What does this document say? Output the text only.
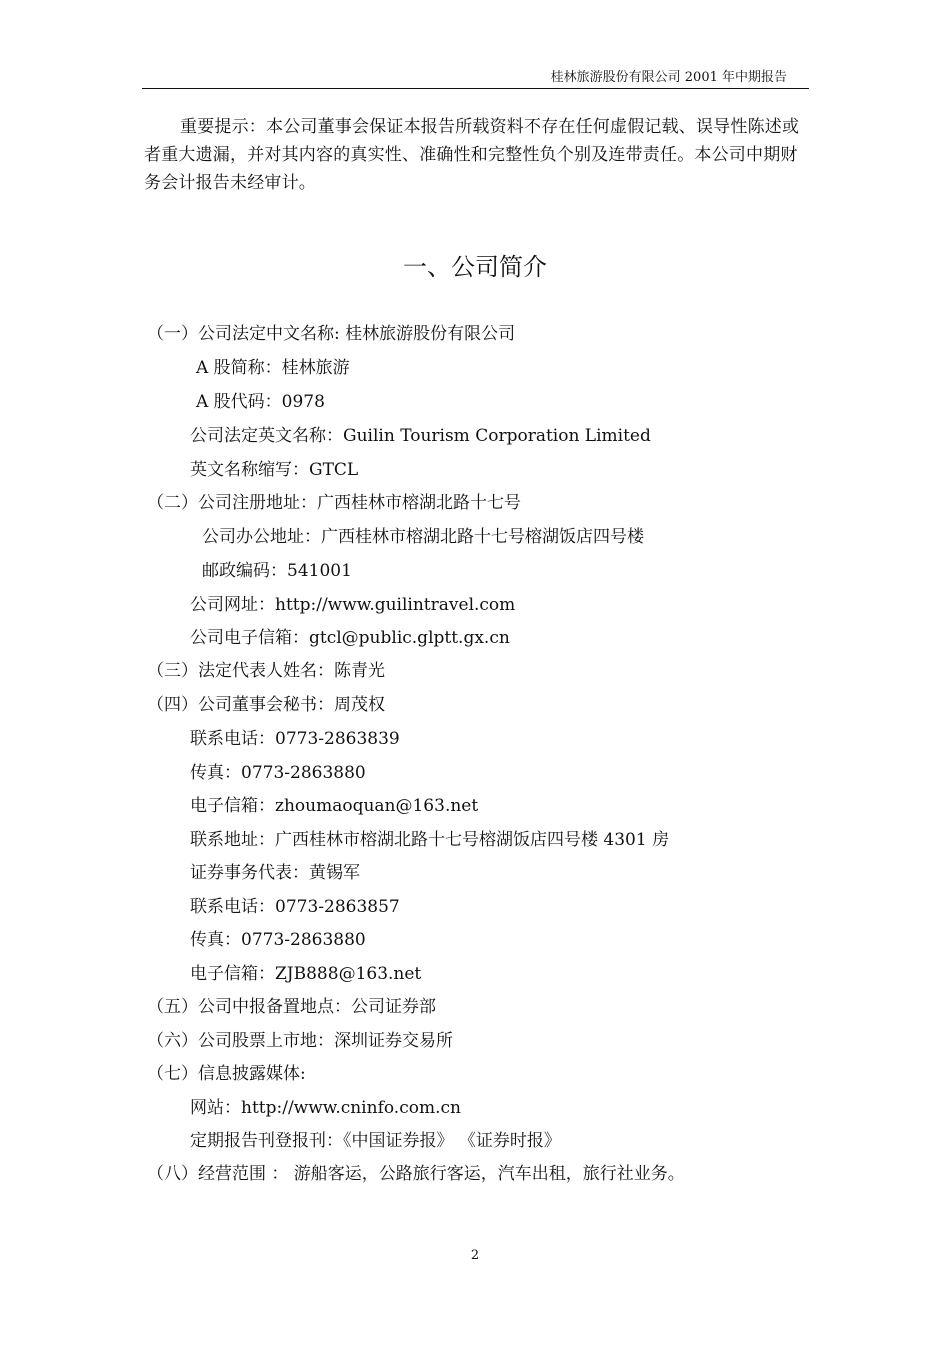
桂林旅游股份有限公司 2001 年中期报告
重要提示：本公司董事会保证本报告所载资料不存在任何虚假记载、误导性陈述或者重大遗漏，并对其内容的真实性、准确性和完整性负个别及连带责任。本公司中期财务会计报告未经审计。
一、公司简介
（一）公司法定中文名称: 桂林旅游股份有限公司
A 股简称：桂林旅游
A 股代码：0978
公司法定英文名称：Guilin Tourism Corporation Limited
英文名称缩写：GTCL
（二）公司注册地址：广西桂林市榕湖北路十七号
公司办公地址：广西桂林市榕湖北路十七号榕湖饭店四号楼
邮政编码：541001
公司网址：http://www.guilintravel.com
公司电子信箱：gtcl@public.glptt.gx.cn
（三）法定代表人姓名：陈青光
（四）公司董事会秘书：周茂权
联系电话：0773-2863839
传真：0773-2863880
电子信箱：zhoumaoquan@163.net
联系地址：广西桂林市榕湖北路十七号榕湖饭店四号楼 4301 房
证券事务代表：黄锡军
联系电话：0773-2863857
传真：0773-2863880
电子信箱：ZJB888@163.net
（五）公司中报备置地点：公司证券部
（六）公司股票上市地：深圳证券交易所
（七）信息披露媒体:
网站：http://www.cninfo.com.cn
定期报告刊登报刊：《中国证券报》 《证券时报》
（八）经营范围 ： 游船客运，公路旅行客运，汽车出租，旅行社业务。
2
